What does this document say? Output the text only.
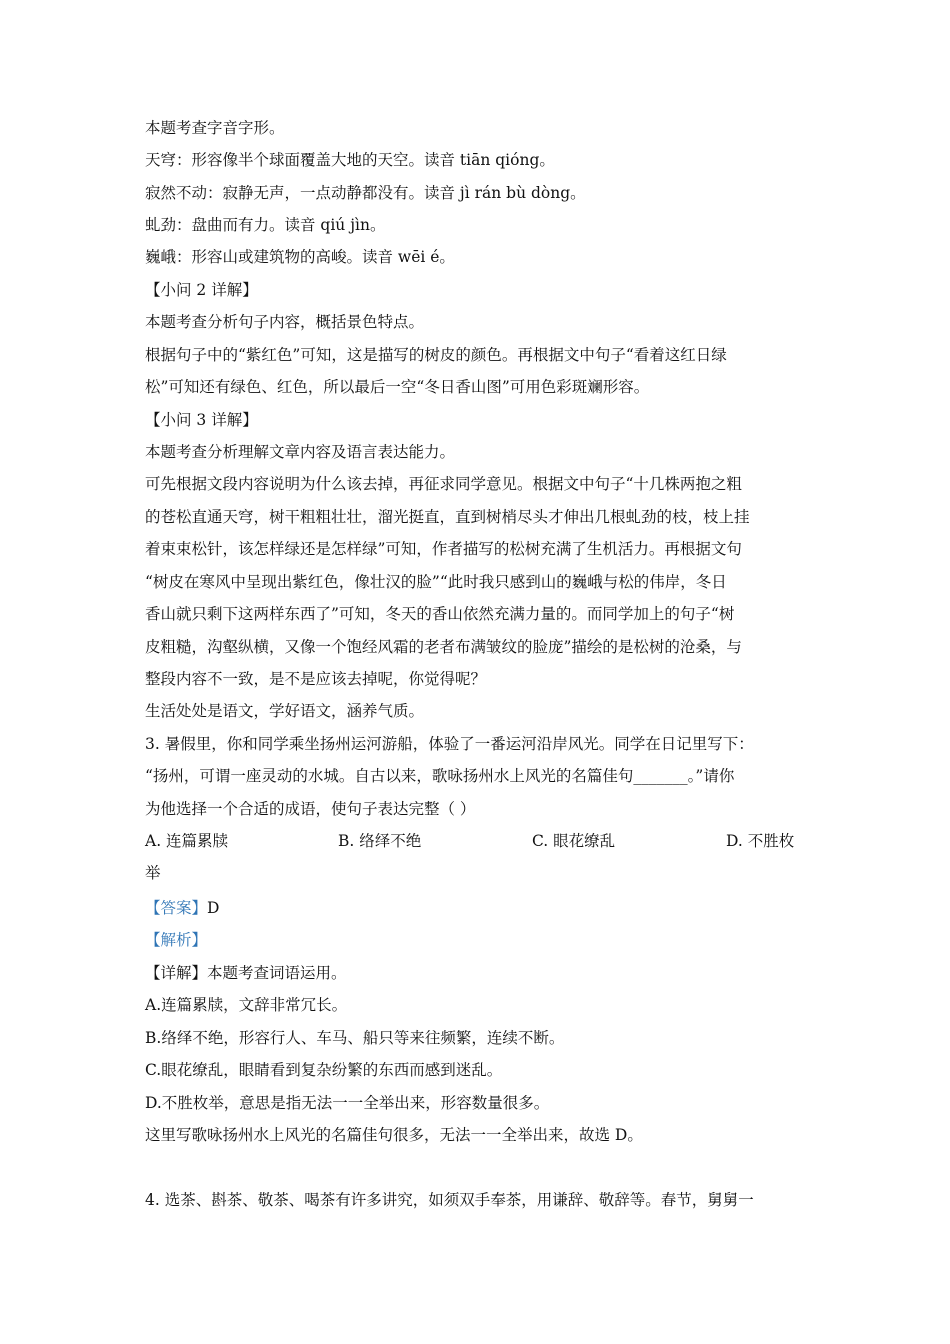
本题考查字音字形。
天穹：形容像半个球面覆盖大地的天空。读音 tiān qióng。
寂然不动：寂静无声，一点动静都没有。读音 jì rán bù dòng。
虬劲：盘曲而有力。读音 qiú jìn。
巍峨：形容山或建筑物的高峻。读音 wēi é。
【小问 2 详解】
本题考查分析句子内容，概括景色特点。
根据句子中的“紫红色”可知，这是描写的树皮的颜色。再根据文中句子“看着这红日绿
松”可知还有绿色、红色，所以最后一空“冬日香山图”可用色彩斑斓形容。
【小问 3 详解】
本题考查分析理解文章内容及语言表达能力。
可先根据文段内容说明为什么该去掉，再征求同学意见。根据文中句子“十几株两抱之粗
的苍松直通天穹，树干粗粗壮壮，溜光挺直，直到树梢尽头才伸出几根虬劲的枝，枝上挂
着束束松针，该怎样绿还是怎样绿”可知，作者描写的松树充满了生机活力。再根据文句
“树皮在寒风中呈现出紫红色，像壮汉的脸”“此时我只感到山的巍峨与松的伟岸，冬日
香山就只剩下这两样东西了”可知，冬天的香山依然充满力量的。而同学加上的句子“树
皮粗糙，沟壑纵横，又像一个饱经风霜的老者布满皱纹的脸庞”描绘的是松树的沧桑，与
整段内容不一致，是不是应该去掉呢，你觉得呢？
生活处处是语文，学好语文，涵养气质。
3. 暑假里，你和同学乘坐扬州运河游船，体验了一番运河沿岸风光。同学在日记里写下：
“扬州，可谓一座灵动的水城。自古以来，歌咏扬州水上风光的名篇佳句_______。”请你
为他选择一个合适的成语，使句子表达完整（ ）
A. 连篇累牍	B. 络绎不绝	C. 眼花缭乱	D. 不胜枚
举
【答案】D
【解析】
【详解】本题考查词语运用。
A.连篇累牍，文辞非常冗长。
B.络绎不绝，形容行人、车马、船只等来往频繁，连续不断。
C.眼花缭乱，眼睛看到复杂纷繁的东西而感到迷乱。
D.不胜枚举，意思是指无法一一全举出来，形容数量很多。
这里写歌咏扬州水上风光的名篇佳句很多，无法一一全举出来，故选 D。
4. 选茶、斟茶、敬茶、喝茶有许多讲究，如须双手奉茶，用谦辞、敬辞等。春节，舅舅一
